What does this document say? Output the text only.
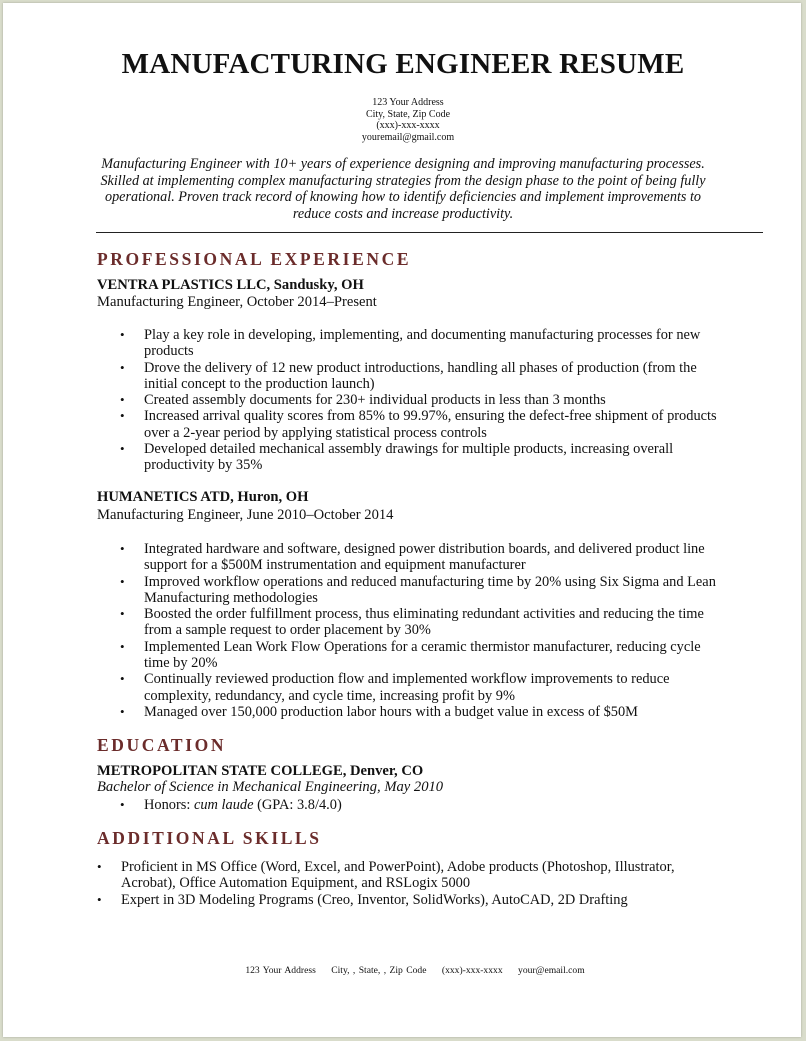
MANUFACTURING ENGINEER RESUME
123 Your Address
City, State, Zip Code
(xxx)-xxx-xxxx
youremail@gmail.com
Manufacturing Engineer with 10+ years of experience designing and improving manufacturing processes. Skilled at implementing complex manufacturing strategies from the design phase to the point of being fully operational. Proven track record of knowing how to identify deficiencies and implement improvements to reduce costs and increase productivity.
PROFESSIONAL EXPERIENCE
VENTRA PLASTICS LLC, Sandusky, OH
Manufacturing Engineer, October 2014–Present
• Play a key role in developing, implementing, and documenting manufacturing processes for new products
• Drove the delivery of 12 new product introductions, handling all phases of production (from the initial concept to the production launch)
• Created assembly documents for 230+ individual products in less than 3 months
• Increased arrival quality scores from 85% to 99.97%, ensuring the defect-free shipment of products over a 2-year period by applying statistical process controls
• Developed detailed mechanical assembly drawings for multiple products, increasing overall productivity by 35%
HUMANETICS ATD, Huron, OH
Manufacturing Engineer, June 2010–October 2014
• Integrated hardware and software, designed power distribution boards, and delivered product line support for a $500M instrumentation and equipment manufacturer
• Improved workflow operations and reduced manufacturing time by 20% using Six Sigma and Lean Manufacturing methodologies
• Boosted the order fulfillment process, thus eliminating redundant activities and reducing the time from a sample request to order placement by 30%
• Implemented Lean Work Flow Operations for a ceramic thermistor manufacturer, reducing cycle time by 20%
• Continually reviewed production flow and implemented workflow improvements to reduce complexity, redundancy, and cycle time, increasing profit by 9%
• Managed over 150,000 production labor hours with a budget value in excess of $50M
EDUCATION
METROPOLITAN STATE COLLEGE, Denver, CO
Bachelor of Science in Mechanical Engineering, May 2010
• Honors: cum laude (GPA: 3.8/4.0)
ADDITIONAL SKILLS
• Proficient in MS Office (Word, Excel, and PowerPoint), Adobe products (Photoshop, Illustrator, Acrobat), Office Automation Equipment, and RSLogix 5000
• Expert in 3D Modeling Programs (Creo, Inventor, SolidWorks), AutoCAD, 2D Drafting
123 Your Address City, , State, , Zip Code (xxx)-xxx-xxxx your@email.com
